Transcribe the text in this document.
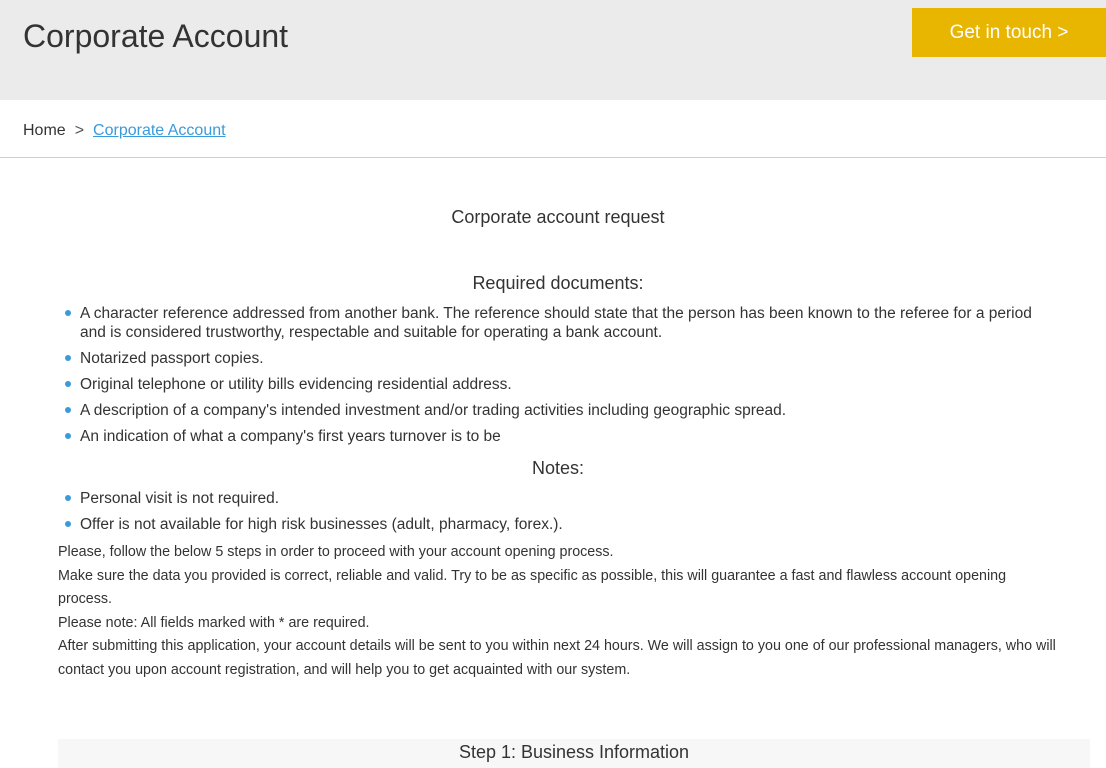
Corporate Account	Get in touch >
Home > Corporate Account
Corporate account request
Required documents:
A character reference addressed from another bank. The reference should state that the person has been known to the referee for a period and is considered trustworthy, respectable and suitable for operating a bank account.
Notarized passport copies.
Original telephone or utility bills evidencing residential address.
A description of a company's intended investment and/or trading activities including geographic spread.
An indication of what a company's first years turnover is to be
Notes:
Personal visit is not required.
Offer is not available for high risk businesses (adult, pharmacy, forex.).

Please, follow the below 5 steps in order to proceed with your account opening process.

Make sure the data you provided is correct, reliable and valid. Try to be as specific as possible, this will guarantee a fast and flawless account opening process.

Please note: All fields marked with * are required.

After submitting this application, your account details will be sent to you within next 24 hours. We will assign to you one of our professional managers, who will contact you upon account registration, and will help you to get acquainted with our system.

Step 1: Business Information
